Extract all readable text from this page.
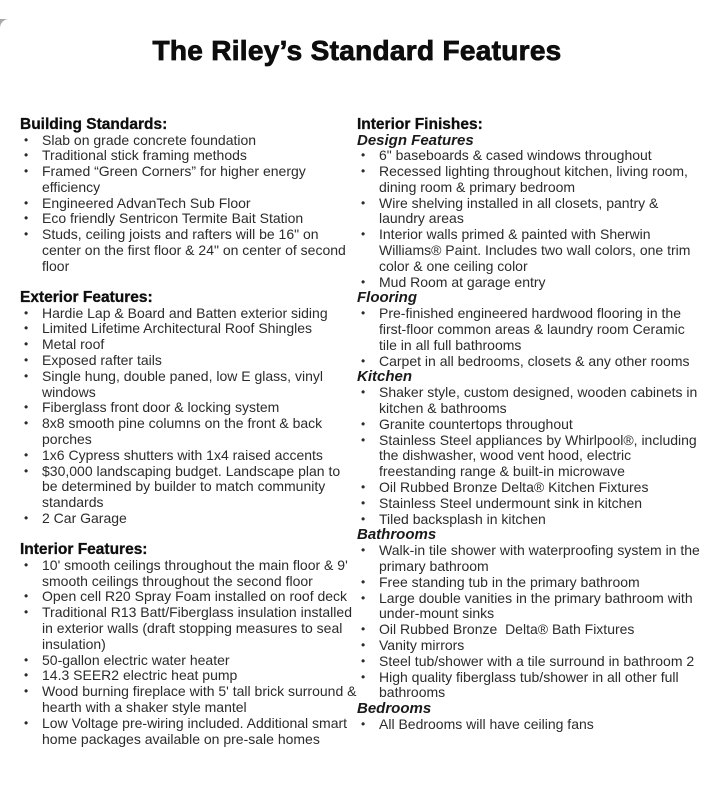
The Riley’s Standard Features
Building Standards:
• Slab on grade concrete foundation
• Traditional stick framing methods
• Framed “Green Corners” for higher energy efficiency
• Engineered AdvanTech Sub Floor
• Eco friendly Sentricon Termite Bait Station
• Studs, ceiling joists and rafters will be 16" on center on the first floor & 24" on center of second floor
Exterior Features:
• Hardie Lap & Board and Batten exterior siding
• Limited Lifetime Architectural Roof Shingles
• Metal roof
• Exposed rafter tails
• Single hung, double paned, low E glass, vinyl windows
• Fiberglass front door & locking system
• 8x8 smooth pine columns on the front & back porches
• 1x6 Cypress shutters with 1x4 raised accents
• $30,000 landscaping budget. Landscape plan to be determined by builder to match community standards
• 2 Car Garage
Interior Features:
• 10' smooth ceilings throughout the main floor & 9' smooth ceilings throughout the second floor
• Open cell R20 Spray Foam installed on roof deck
• Traditional R13 Batt/Fiberglass insulation installed in exterior walls (draft stopping measures to seal insulation)
• 50-gallon electric water heater
• 14.3 SEER2 electric heat pump
• Wood burning fireplace with 5' tall brick surround & hearth with a shaker style mantel
• Low Voltage pre-wiring included. Additional smart home packages available on pre-sale homes
Interior Finishes:
Design Features
• 6" baseboards & cased windows throughout
• Recessed lighting throughout kitchen, living room, dining room & primary bedroom
• Wire shelving installed in all closets, pantry & laundry areas
• Interior walls primed & painted with Sherwin Williams® Paint. Includes two wall colors, one trim color & one ceiling color
• Mud Room at garage entry
Flooring
• Pre-finished engineered hardwood flooring in the first-floor common areas & laundry room Ceramic tile in all full bathrooms
• Carpet in all bedrooms, closets & any other rooms
Kitchen
• Shaker style, custom designed, wooden cabinets in kitchen & bathrooms
• Granite countertops throughout
• Stainless Steel appliances by Whirlpool®, including the dishwasher, wood vent hood, electric freestanding range & built-in microwave
• Oil Rubbed Bronze Delta® Kitchen Fixtures
• Stainless Steel undermount sink in kitchen
• Tiled backsplash in kitchen
Bathrooms
• Walk-in tile shower with waterproofing system in the primary bathroom
• Free standing tub in the primary bathroom
• Large double vanities in the primary bathroom with under-mount sinks
• Oil Rubbed Bronze  Delta® Bath Fixtures
• Vanity mirrors
• Steel tub/shower with a tile surround in bathroom 2
• High quality fiberglass tub/shower in all other full bathrooms
Bedrooms
• All Bedrooms will have ceiling fans
